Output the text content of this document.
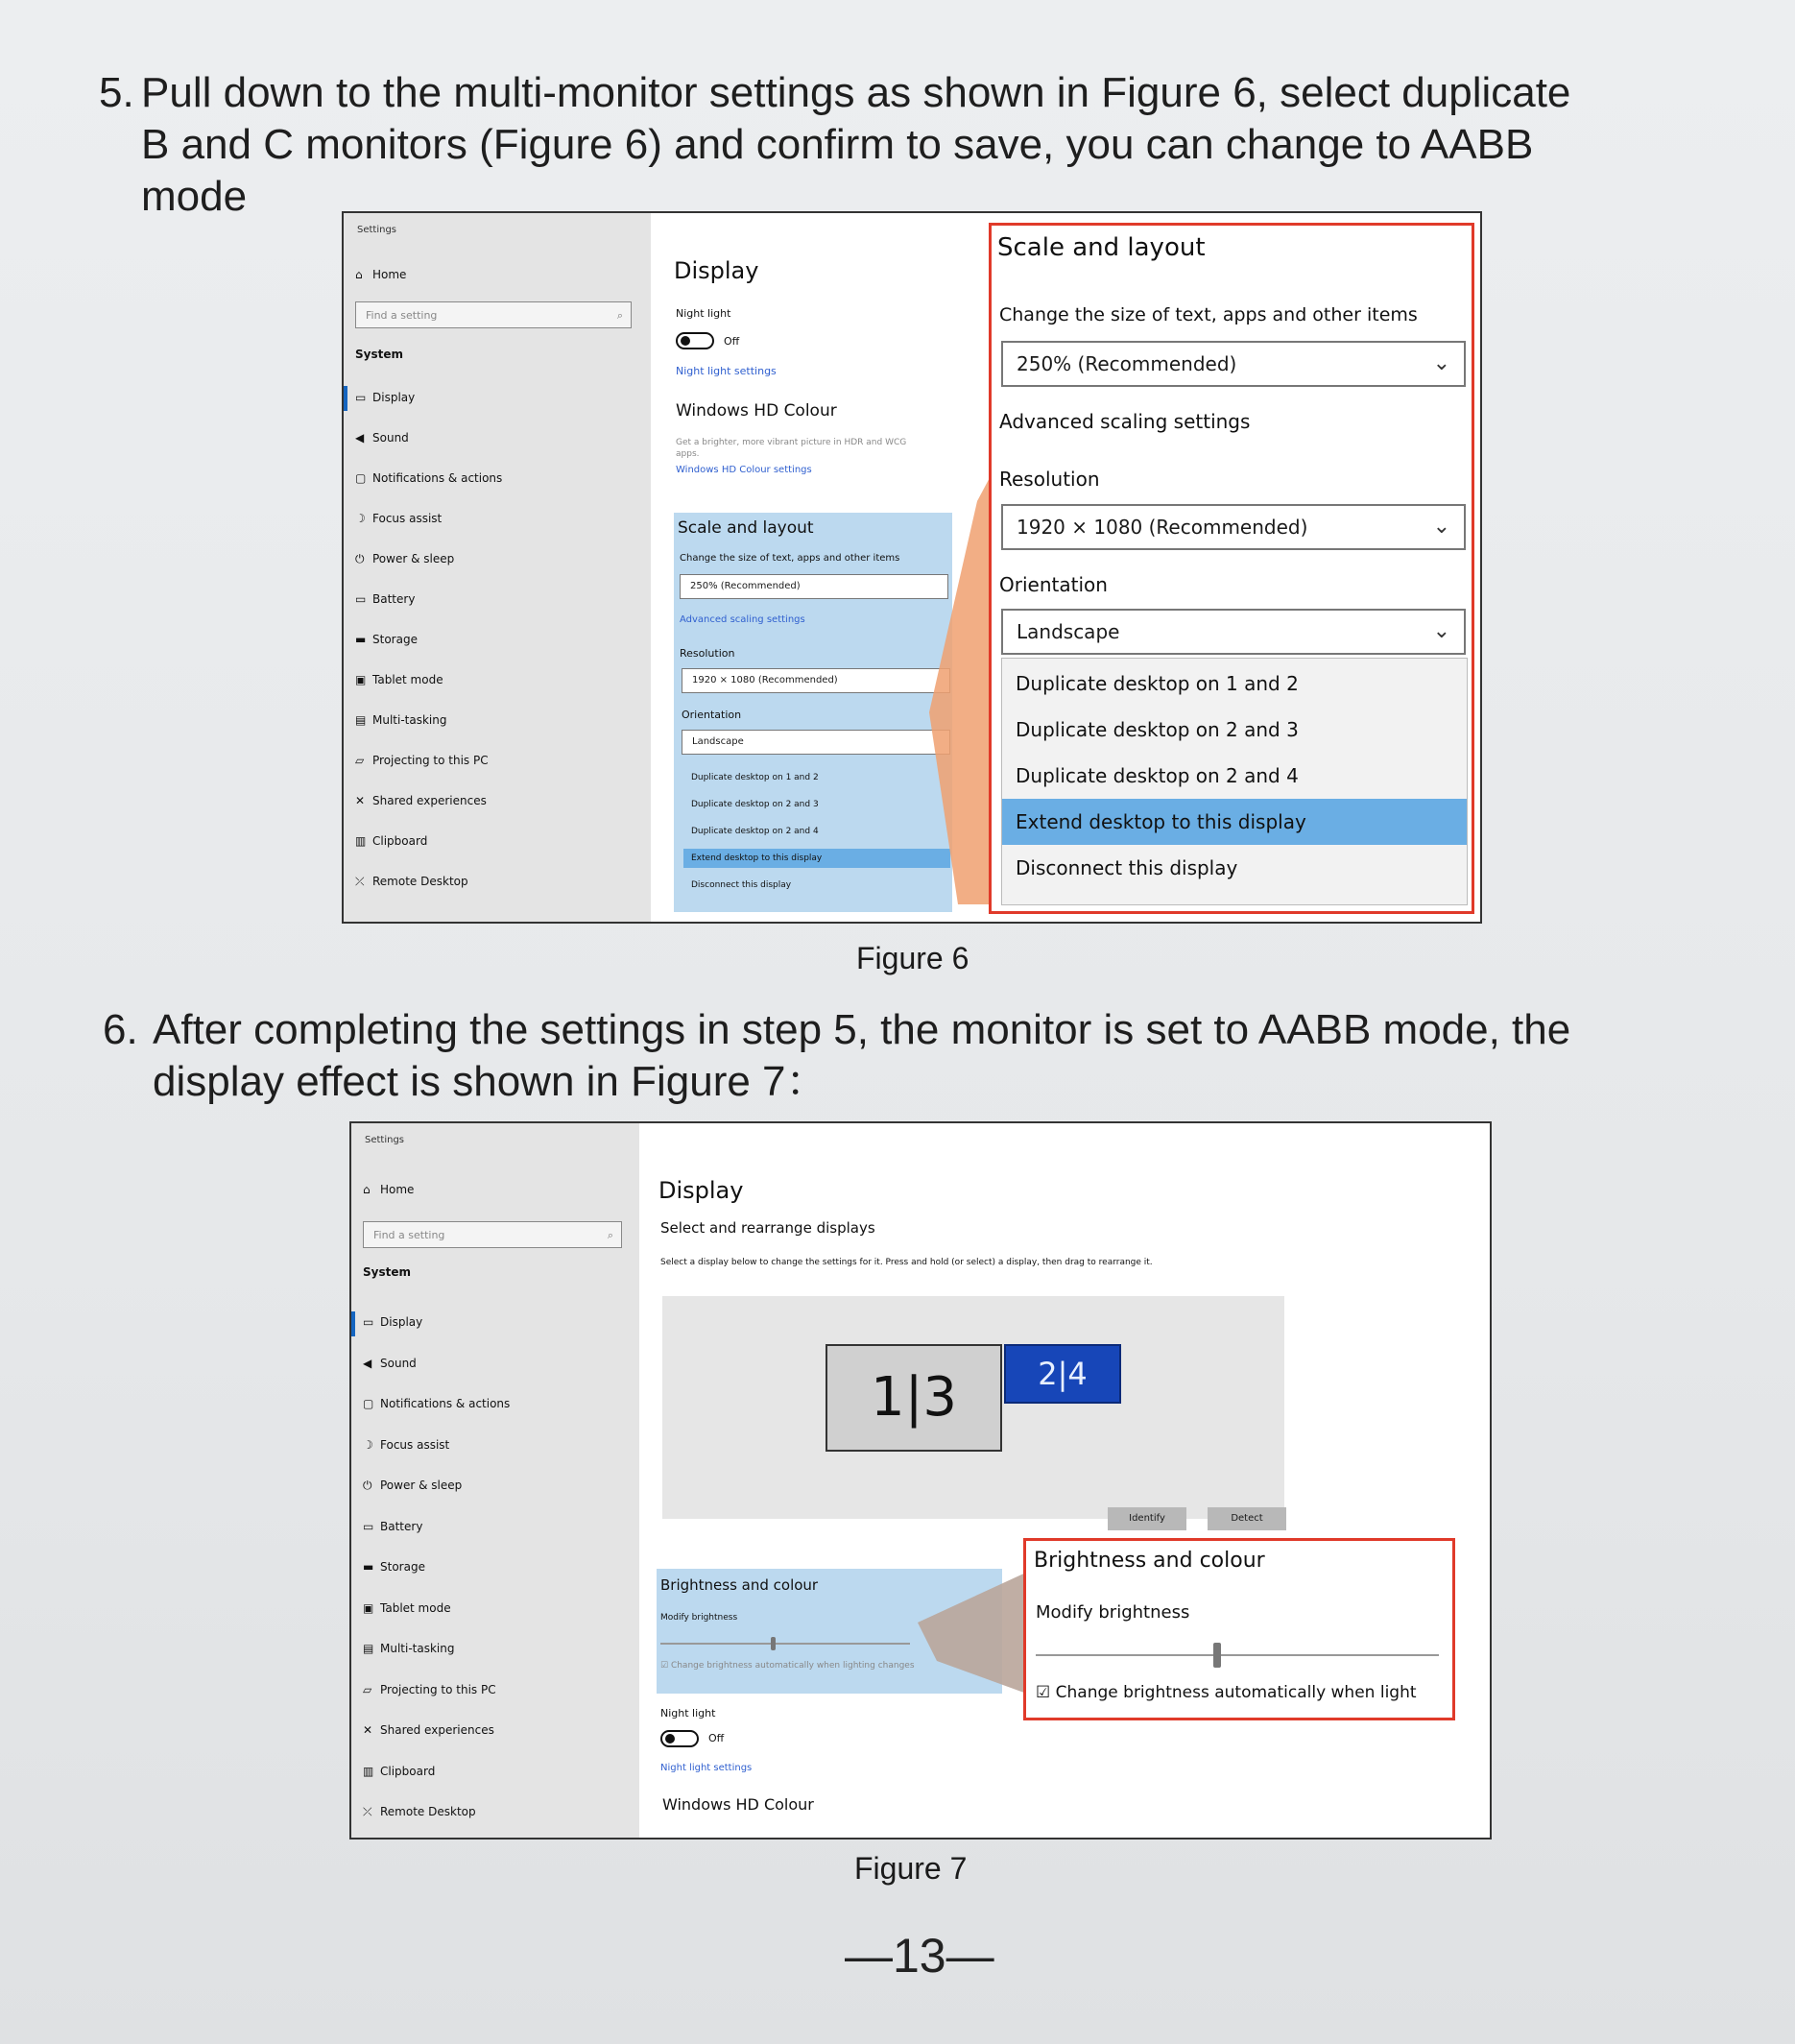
5. Pull down to the multi-monitor settings as shown in Figure 6, select duplicate
B and C monitors (Figure 6) and confirm to save, you can change to AABB
mode
Settings
⌂ Home
Find a setting	⌕
System
▭ Display
◀ Sound
▢ Notifications & actions
☽ Focus assist
⏻ Power & sleep
▭ Battery
▬ Storage
▣ Tablet mode
▤ Multi-tasking
▱ Projecting to this PC
✕ Shared experiences
▥ Clipboard
⤫ Remote Desktop
Display
Night light
Off
Night light settings
Windows HD Colour
Get a brighter, more vibrant picture in HDR and WCG
apps.
Windows HD Colour settings
Scale and layout
Change the size of text, apps and other items
250% (Recommended)
Advanced scaling settings
Resolution
1920 × 1080 (Recommended)
Orientation
Landscape
Duplicate desktop on 1 and 2
Duplicate desktop on 2 and 3
Duplicate desktop on 2 and 4
Extend desktop to this display
Disconnect this display
Scale and layout
Change the size of text, apps and other items
250% (Recommended)	⌄
Advanced scaling settings
Resolution
1920 × 1080 (Recommended)	⌄
Orientation
Landscape	⌄
Duplicate desktop on 1 and 2
Duplicate desktop on 2 and 3
Duplicate desktop on 2 and 4
Extend desktop to this display
Disconnect this display
Figure 6
6. After completing the settings in step 5, the monitor is set to AABB mode, the
display effect is shown in Figure 7：
Settings
⌂ Home
Find a setting	⌕
System
▭ Display
◀ Sound
▢ Notifications & actions
☽ Focus assist
⏻ Power & sleep
▭ Battery
▬ Storage
▣ Tablet mode
▤ Multi-tasking
▱ Projecting to this PC
✕ Shared experiences
▥ Clipboard
⤫ Remote Desktop
Display
Select and rearrange displays
Select a display below to change the settings for it. Press and hold (or select) a display, then drag to rearrange it.
1|3	2|4
Identify	Detect
Brightness and colour
Modify brightness
☑ Change brightness automatically when lighting changes
Night light
Off
Night light settings
Windows HD Colour
Brightness and colour
Modify brightness
☑ Change brightness automatically when light
Figure 7
—13—
